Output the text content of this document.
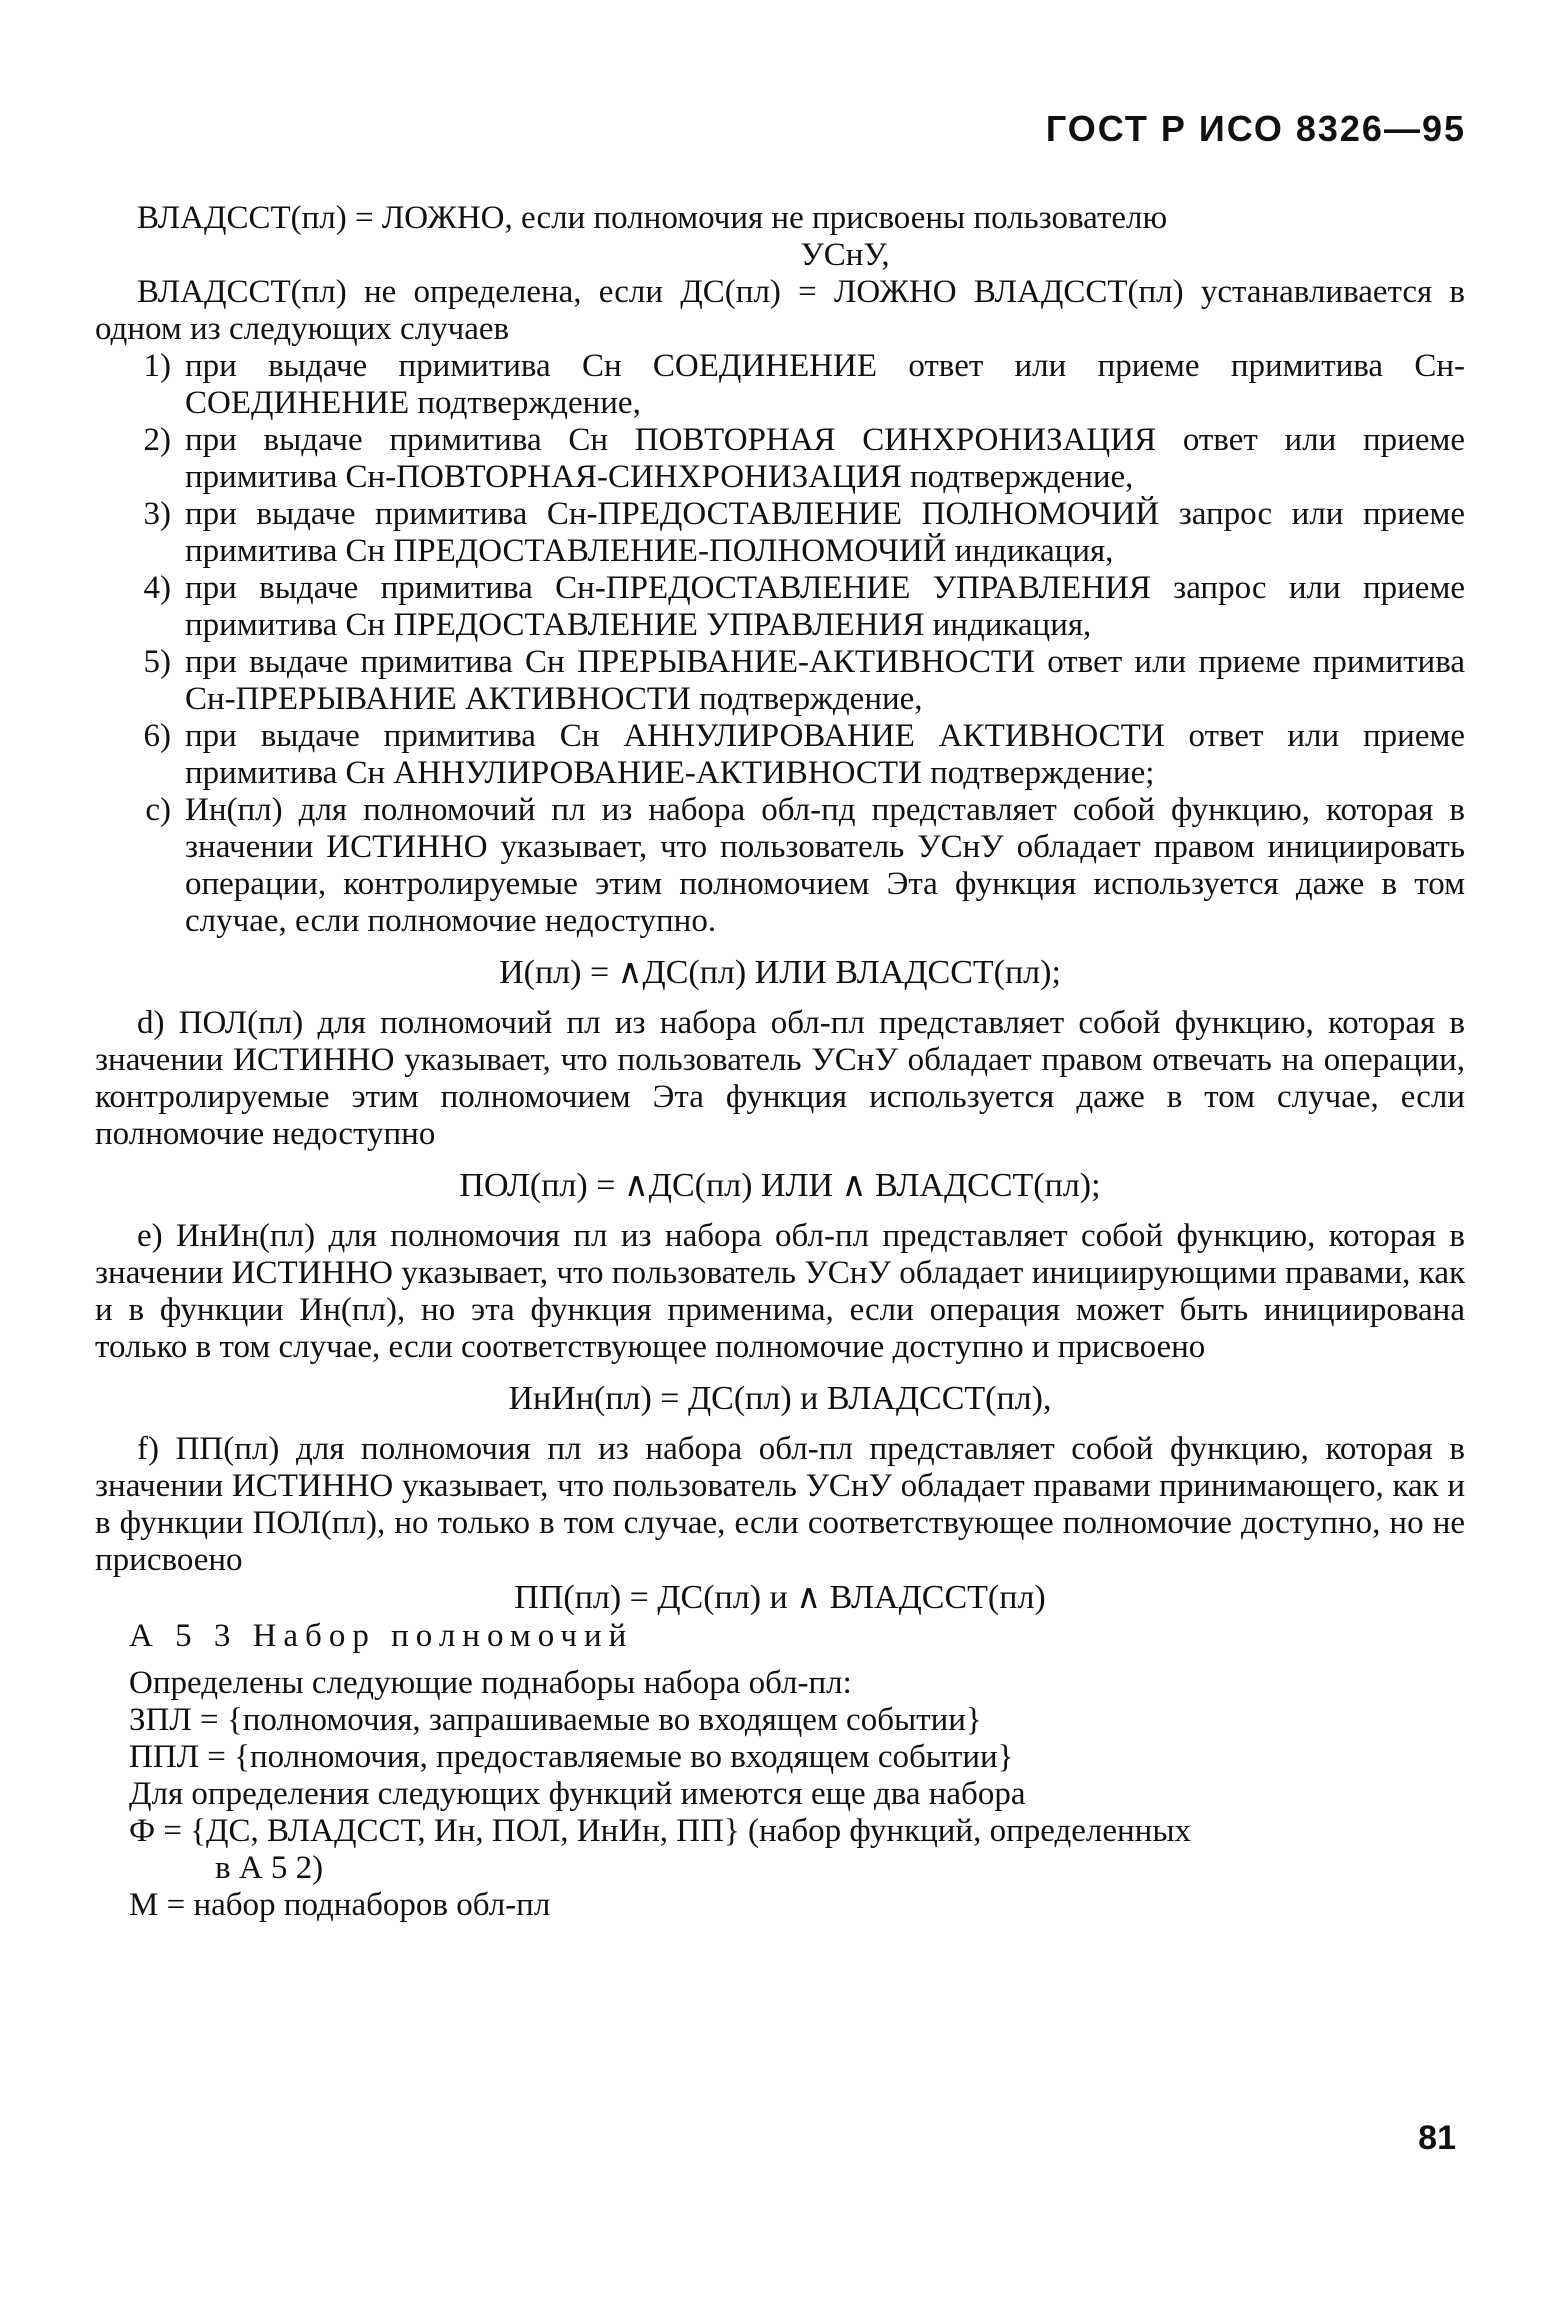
ГОСТ Р ИСО 8326—95

ВЛАДССТ(пл) = ЛОЖНО, если полномочия не присвоены пользователю

УСнУ,

ВЛАДССТ(пл) не определена, если ДС(пл) = ЛОЖНО ВЛАДССТ(пл) устанавливается в одном из следующих случаев

1) при выдаче примитива Сн СОЕДИНЕНИЕ ответ или приеме примитива Сн-СОЕДИНЕНИЕ подтверждение,
2) при выдаче примитива Сн ПОВТОРНАЯ СИНХРОНИЗАЦИЯ ответ или приеме примитива Сн-ПОВТОРНАЯ-СИНХРОНИЗАЦИЯ подтверждение,
3) при выдаче примитива Сн-ПРЕДОСТАВЛЕНИЕ ПОЛНОМОЧИЙ запрос или приеме примитива Сн ПРЕДОСТАВЛЕНИЕ-ПОЛНОМОЧИЙ индикация,
4) при выдаче примитива Сн-ПРЕДОСТАВЛЕНИЕ УПРАВЛЕНИЯ запрос или приеме примитива Сн ПРЕДОСТАВЛЕНИЕ УПРАВЛЕНИЯ индикация,
5) при выдаче примитива Сн ПРЕРЫВАНИЕ-АКТИВНОСТИ ответ или приеме примитива Сн-ПРЕРЫВАНИЕ АКТИВНОСТИ подтверждение,
6) при выдаче примитива Сн АННУЛИРОВАНИЕ АКТИВНОСТИ ответ или приеме примитива Сн АННУЛИРОВАНИЕ-АКТИВНОСТИ подтверждение;
c) Ин(пл) для полномочий пл из набора обл-пд представляет собой функцию, которая в значении ИСТИННО указывает, что пользователь УСнУ обладает правом инициировать операции, контролируемые этим полномочием Эта функция используется даже в том случае, если полномочие недоступно.
И(пл) = ∧ДС(пл) ИЛИ ВЛАДССТ(пл);

d) ПОЛ(пл) для полномочий пл из набора обл-пл представляет собой функцию, которая в значении ИСТИННО указывает, что пользователь УСнУ обладает правом отвечать на операции, контролируемые этим полномочием Эта функция используется даже в том случае, если полномочие недоступно

ПОЛ(пл) = ∧ДС(пл) ИЛИ ∧ ВЛАДССТ(пл);

e) ИнИн(пл) для полномочия пл из набора обл-пл представляет собой функцию, которая в значении ИСТИННО указывает, что пользователь УСнУ обладает инициирующими правами, как и в функции Ин(пл), но эта функция применима, если операция может быть инициирована только в том случае, если соответствующее полномочие доступно и присвоено

ИнИн(пл) = ДС(пл) и ВЛАДССТ(пл),

f) ПП(пл) для полномочия пл из набора обл-пл представляет собой функцию, которая в значении ИСТИННО указывает, что пользователь УСнУ обладает правами принимающего, как и в функции ПОЛ(пл), но только в том случае, если соответствующее полномочие доступно, но не присвоено

ПП(пл) = ДС(пл) и ∧ ВЛАДССТ(пл)
А 5 3 Набор полномочий
Определены следующие поднаборы набора обл-пл:
ЗПЛ = {полномочия, запрашиваемые во входящем событии}
ППЛ = {полномочия, предоставляемые во входящем событии}
Для определения следующих функций имеются еще два набора
Ф = {ДС, ВЛАДССТ, Ин, ПОЛ, ИнИн, ПП} (набор функций, определенных
в А 5 2)
М = набор поднаборов обл-пл
81
